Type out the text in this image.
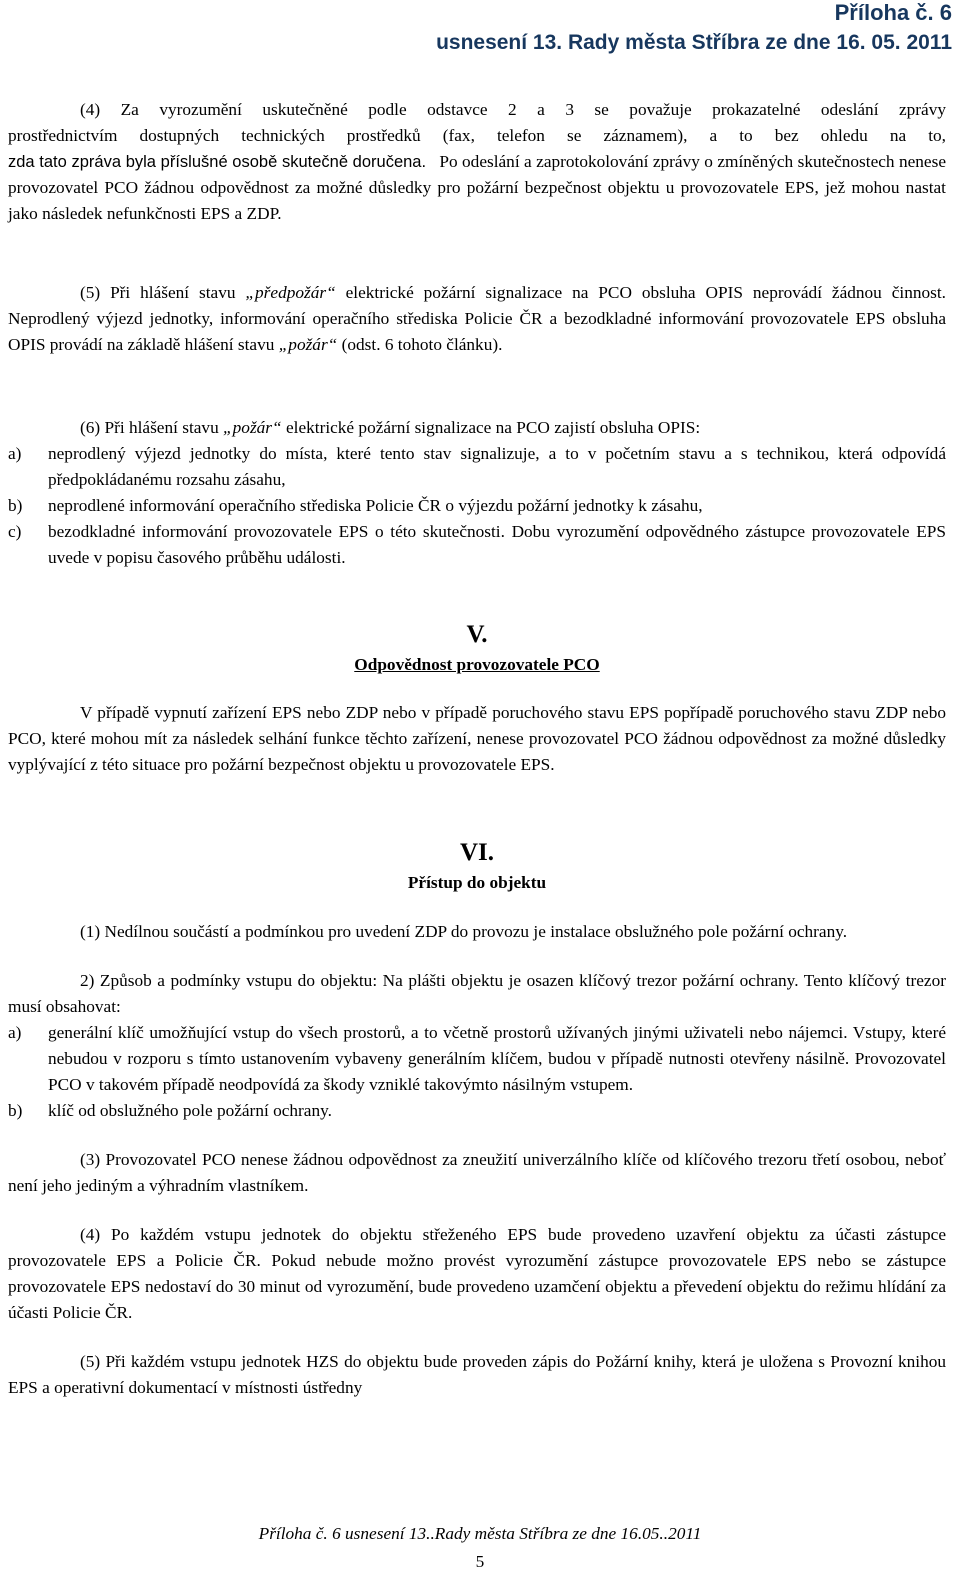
Příloha č. 6
usnesení 13. Rady města Stříbra ze dne 16. 05. 2011

(4) Za vyrozumění uskutečněné podle odstavce 2 a 3 se považuje prokazatelné odeslání zprávy

prostřednictvím dostupných technických prostředků (fax, telefon se záznamem), a to bez ohledu na to,

zda tato zpráva byla příslušné osobě skutečně doručena. Po odeslání a zaprotokolování zprávy o zmíněných skutečnostech nenese provozovatel PCO žádnou odpovědnost za možné důsledky pro požární bezpečnost objektu u provozovatele EPS, jež mohou nastat jako následek nefunkčnosti EPS a ZDP.

(5) Při hlášení stavu „předpožár“ elektrické požární signalizace na PCO obsluha OPIS neprovádí žádnou činnost. Neprodlený výjezd jednotky, informování operačního střediska Policie ČR a bezodkladné informování provozovatele EPS obsluha OPIS provádí na základě hlášení stavu „požár“ (odst. 6 tohoto článku).

(6) Při hlášení stavu „požár“ elektrické požární signalizace na PCO zajistí obsluha OPIS:

a) neprodlený výjezd jednotky do místa, které tento stav signalizuje, a to v početním stavu a s technikou, která odpovídá předpokládanému rozsahu zásahu,
b) neprodlené informování operačního střediska Policie ČR o výjezdu požární jednotky k zásahu,
c) bezodkladné informování provozovatele EPS o této skutečnosti. Dobu vyrozumění odpovědného zástupce provozovatele EPS uvede v popisu časového průběhu události.
V.
Odpovědnost provozovatele PCO

V případě vypnutí zařízení EPS nebo ZDP nebo v případě poruchového stavu EPS popřípadě poruchového stavu ZDP nebo PCO, které mohou mít za následek selhání funkce těchto zařízení, nenese provozovatel PCO žádnou odpovědnost za možné důsledky vyplývající z této situace pro požární bezpečnost objektu u provozovatele EPS.

VI.
Přístup do objektu

(1) Nedílnou součástí a podmínkou pro uvedení ZDP do provozu je instalace obslužného pole požární ochrany.

2) Způsob a podmínky vstupu do objektu: Na plášti objektu je osazen klíčový trezor požární ochrany. Tento klíčový trezor musí obsahovat:

a) generální klíč umožňující vstup do všech prostorů, a to včetně prostorů užívaných jinými uživateli nebo nájemci. Vstupy, které nebudou v rozporu s tímto ustanovením vybaveny generálním klíčem, budou v případě nutnosti otevřeny násilně. Provozovatel PCO v takovém případě neodpovídá za škody vzniklé takovýmto násilným vstupem.
b) klíč od obslužného pole požární ochrany.

(3) Provozovatel PCO nenese žádnou odpovědnost za zneužití univerzálního klíče od klíčového trezoru třetí osobou, neboť není jeho jediným a výhradním vlastníkem.

(4) Po každém vstupu jednotek do objektu střeženého EPS bude provedeno uzavření objektu za účasti zástupce provozovatele EPS a Policie ČR. Pokud nebude možno provést vyrozumění zástupce provozovatele EPS nebo se zástupce provozovatele EPS nedostaví do 30 minut od vyrozumění, bude provedeno uzamčení objektu a převedení objektu do režimu hlídání za účasti Policie ČR.

(5) Při každém vstupu jednotek HZS do objektu bude proveden zápis do Požární knihy, která je uložena s Provozní knihou EPS a operativní dokumentací v místnosti ústředny

Příloha č. 6 usnesení 13..Rady města Stříbra ze dne 16.05..2011
5
